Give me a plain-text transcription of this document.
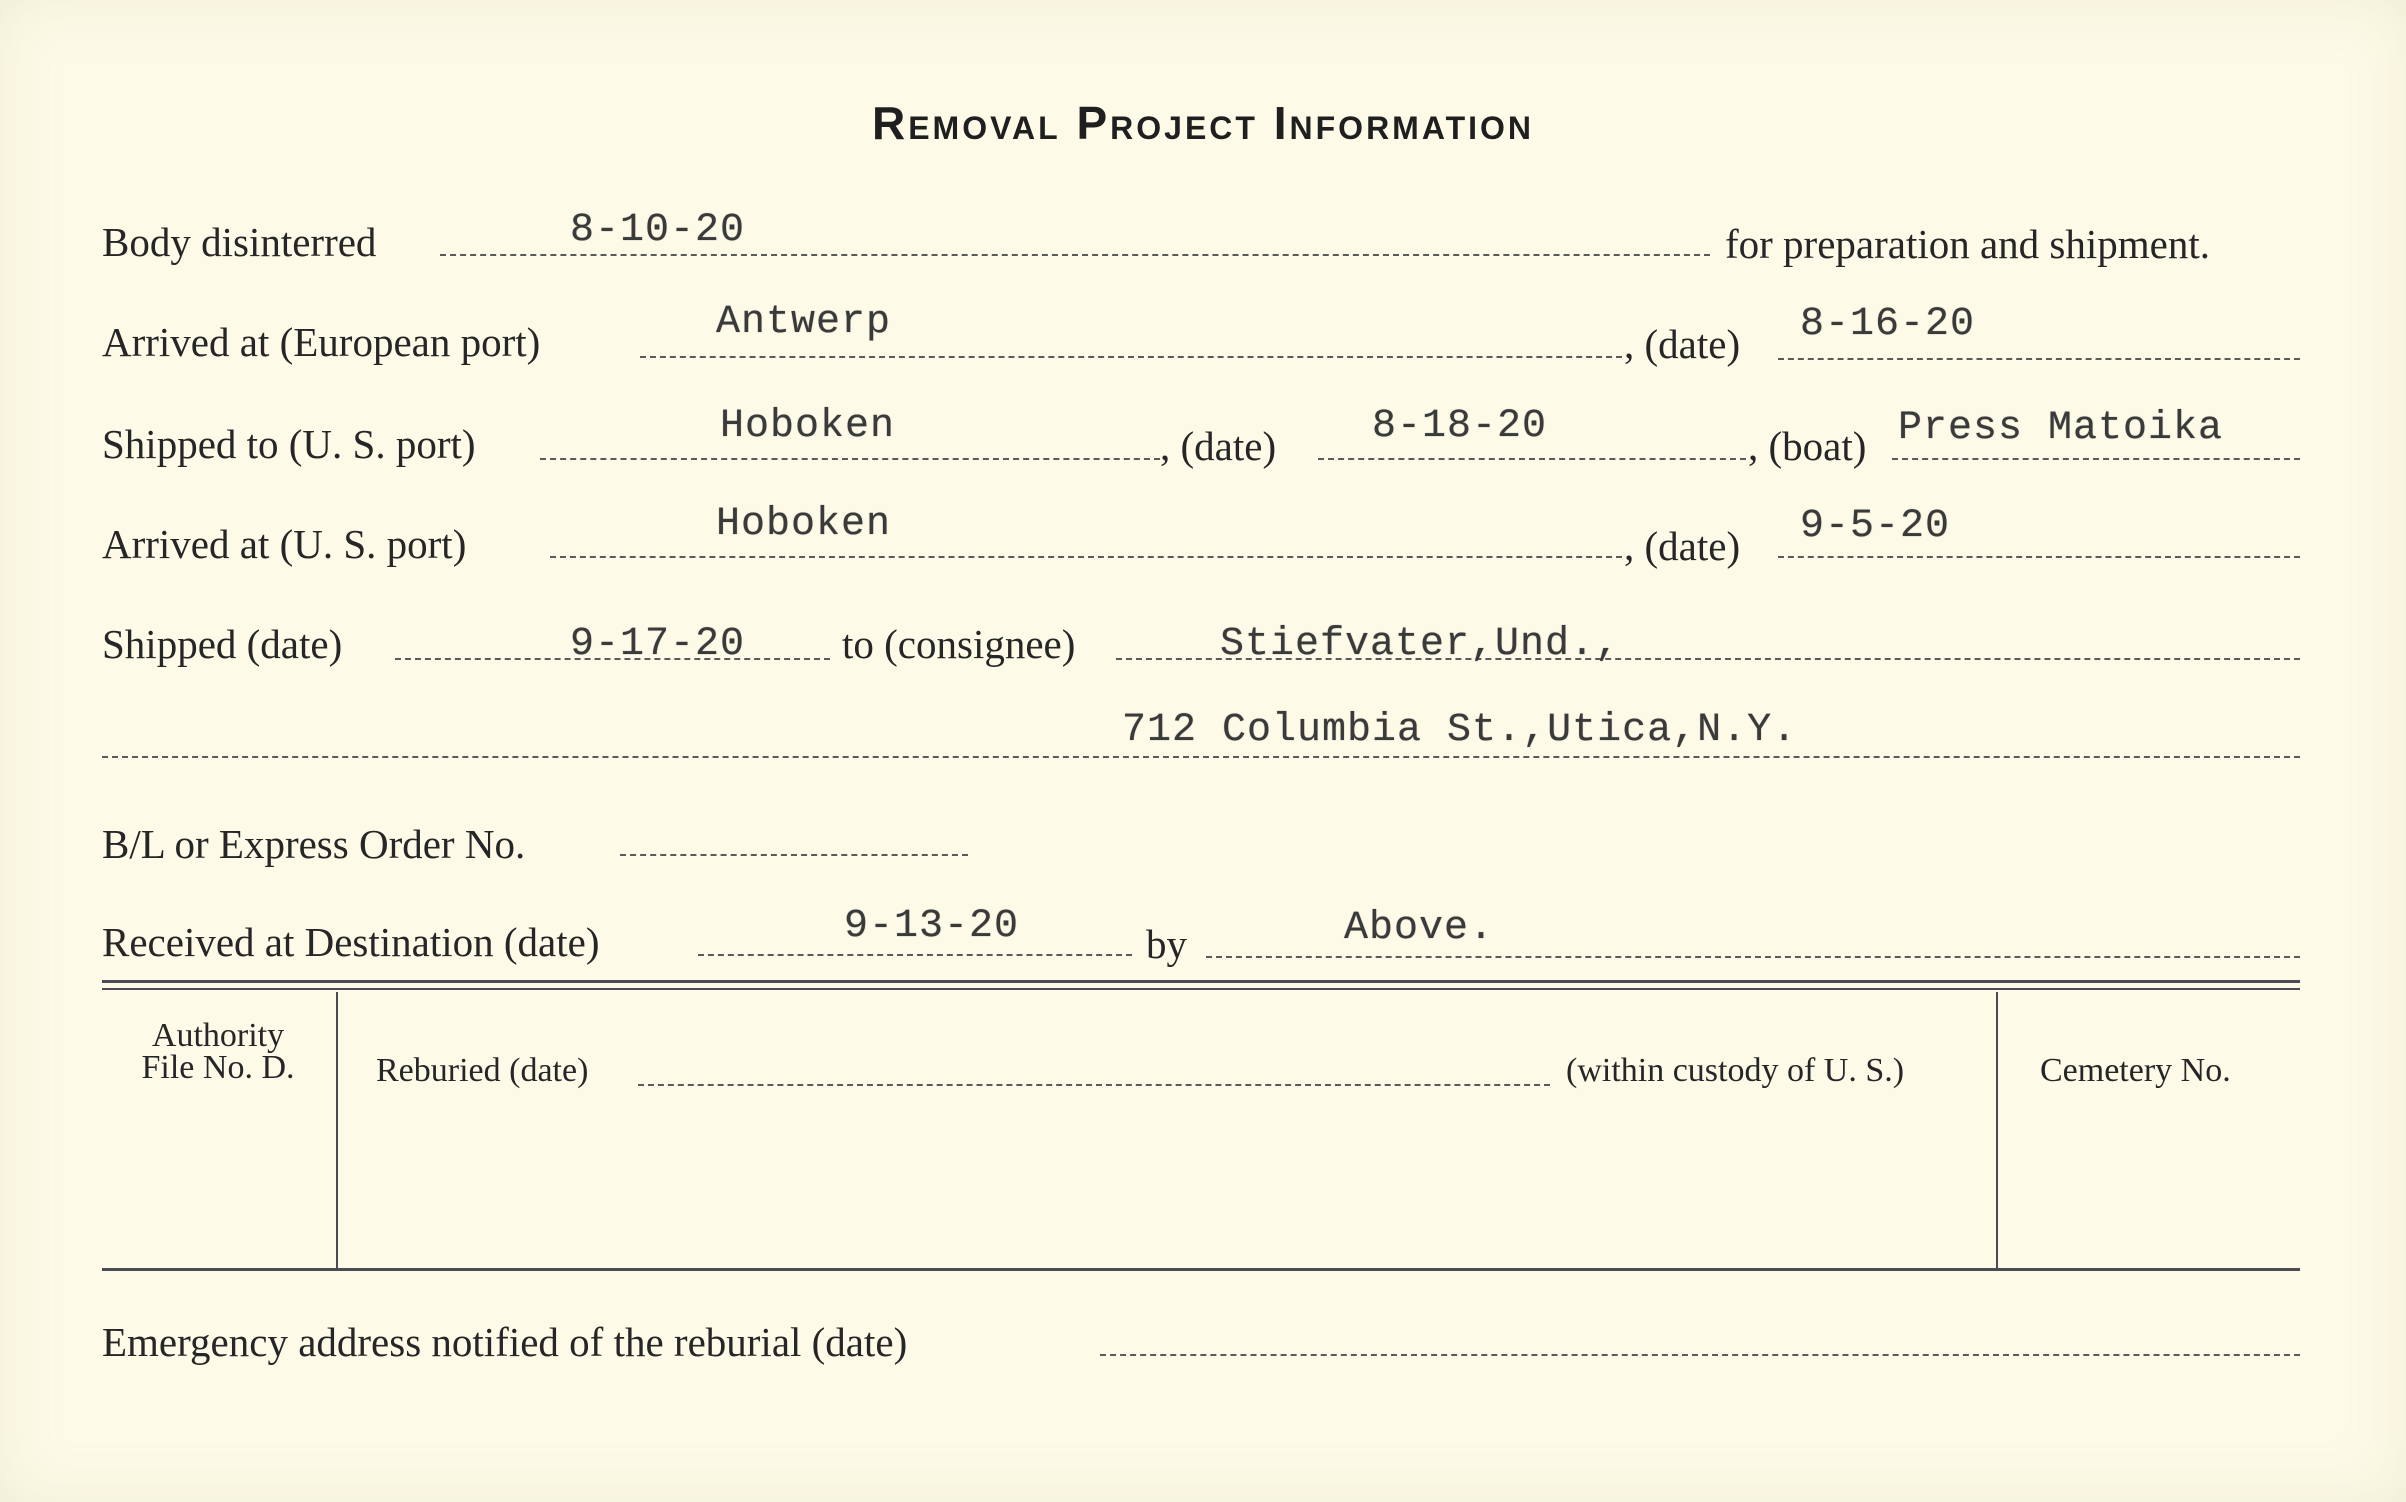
Removal Project Information
Body disinterred	8-10-20	for preparation and shipment.
Arrived at (European port)	Antwerp	, (date) 8-16-20
Shipped to (U. S. port)	Hoboken	, (date) 8-18-20	, (boat) Press Matoika
Arrived at (U. S. port)	Hoboken	, (date) 9-5-20
Shipped (date)	9-17-20 to (consignee)	Stiefvater,Und.,
712 Columbia St.,Utica,N.Y.
B/L or Express Order No.
Received at Destination (date)	9-13-20	by	Above.
Authority
File No. D.	Reburied (date)	(within custody of U. S.)	Cemetery No.
Emergency address notified of the reburial (date)
